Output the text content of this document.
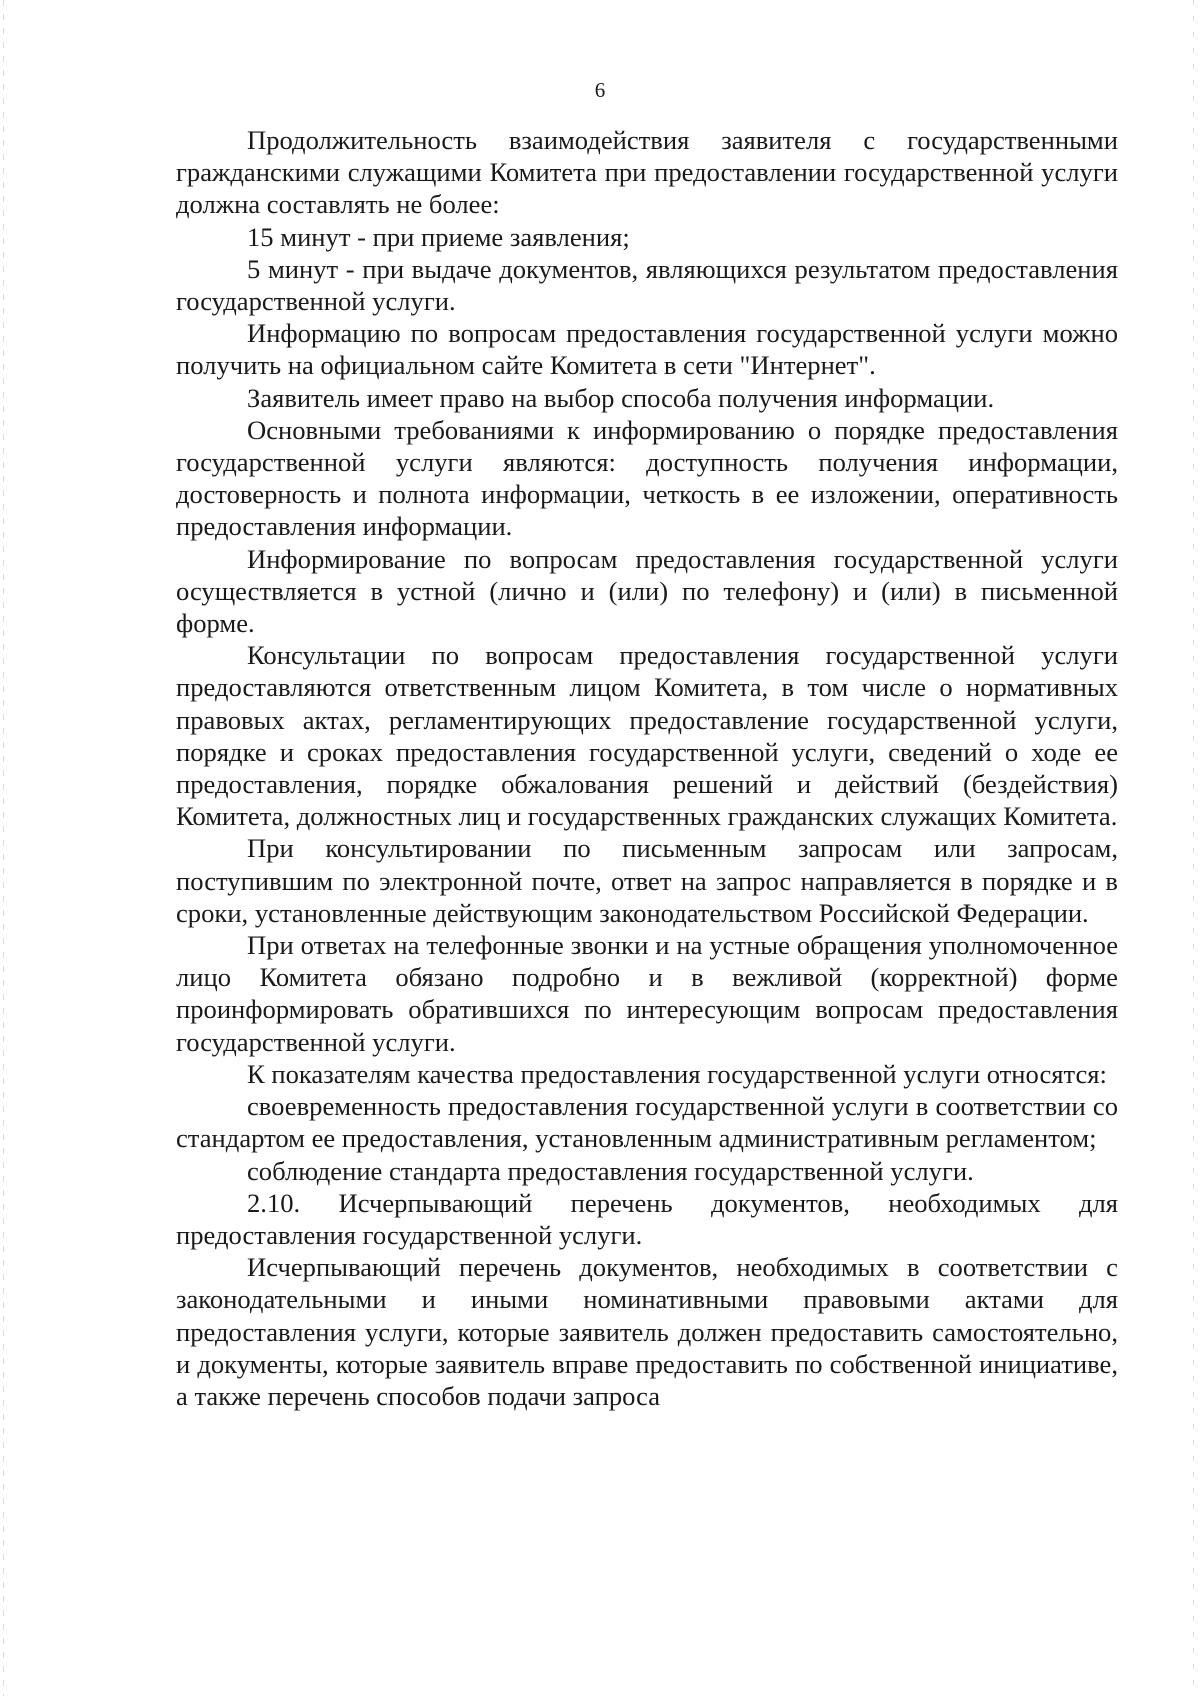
6

Продолжительность взаимодействия заявителя с государственными гражданскими служащими Комитета при предоставлении государственной услуги должна составлять не более:

15 минут - при приеме заявления;

5 минут - при выдаче документов, являющихся результатом предоставления государственной услуги.

Информацию по вопросам предоставления государственной услуги можно получить на официальном сайте Комитета в сети "Интернет".

Заявитель имеет право на выбор способа получения информации.

Основными требованиями к информированию о порядке предоставления государственной услуги являются: доступность получения информации, достоверность и полнота информации, четкость в ее изложении, оперативность предоставления информации.

Информирование по вопросам предоставления государственной услуги осуществляется в устной (лично и (или) по телефону) и (или) в письменной форме.

Консультации по вопросам предоставления государственной услуги предоставляются ответственным лицом Комитета, в том числе о нормативных правовых актах, регламентирующих предоставление государственной услуги, порядке и сроках предоставления государственной услуги, сведений о ходе ее предоставления, порядке обжалования решений и действий (бездействия) Комитета, должностных лиц и государственных гражданских служащих Комитета.

При консультировании по письменным запросам или запросам, поступившим по электронной почте, ответ на запрос направляется в порядке и в сроки, установленные действующим законодательством Российской Федерации.

При ответах на телефонные звонки и на устные обращения уполномоченное лицо Комитета обязано подробно и в вежливой (корректной) форме проинформировать обратившихся по интересующим вопросам предоставления государственной услуги.

К показателям качества предоставления государственной услуги относятся:

своевременность предоставления государственной услуги в соответствии со стандартом ее предоставления, установленным административным регламентом;

соблюдение стандарта предоставления государственной услуги.

2.10. Исчерпывающий перечень документов, необходимых для предоставления государственной услуги.

Исчерпывающий перечень документов, необходимых в соответствии с законодательными и иными номинативными правовыми актами для предоставления услуги, которые заявитель должен предоставить самостоятельно, и документы, которые заявитель вправе предоставить по собственной инициативе, а также перечень способов подачи запроса
